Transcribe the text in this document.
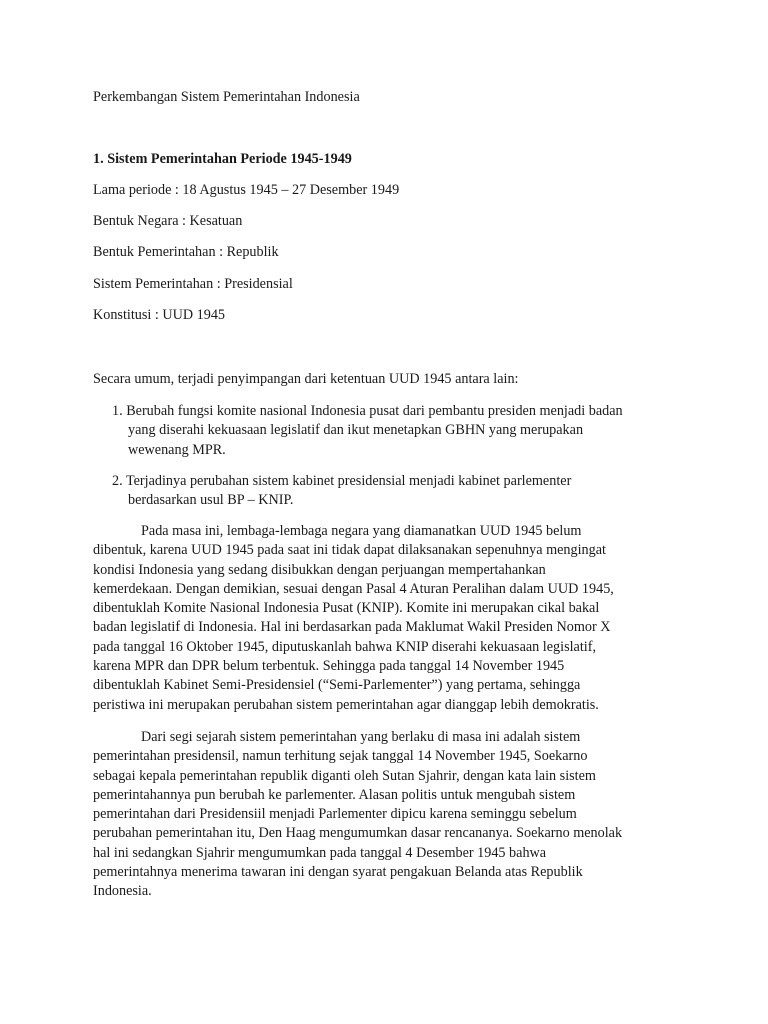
Perkembangan Sistem Pemerintahan Indonesia

1. Sistem Pemerintahan Periode 1945-1949

Lama periode : 18 Agustus 1945 – 27 Desember 1949

Bentuk Negara : Kesatuan

Bentuk Pemerintahan : Republik

Sistem Pemerintahan : Presidensial

Konstitusi : UUD 1945

Secara umum, terjadi penyimpangan dari ketentuan UUD 1945 antara lain:

1. Berubah fungsi komite nasional Indonesia pusat dari pembantu presiden menjadi badan
yang diserahi kekuasaan legislatif dan ikut menetapkan GBHN yang merupakan
wewenang MPR.
2. Terjadinya perubahan sistem kabinet presidensial menjadi kabinet parlementer
berdasarkan usul BP – KNIP.
Pada masa ini, lembaga-lembaga negara yang diamanatkan UUD 1945 belum
dibentuk, karena UUD 1945 pada saat ini tidak dapat dilaksanakan sepenuhnya mengingat
kondisi Indonesia yang sedang disibukkan dengan perjuangan mempertahankan
kemerdekaan. Dengan demikian, sesuai dengan Pasal 4 Aturan Peralihan dalam UUD 1945,
dibentuklah Komite Nasional Indonesia Pusat (KNIP). Komite ini merupakan cikal bakal
badan legislatif di Indonesia. Hal ini berdasarkan pada Maklumat Wakil Presiden Nomor X
pada tanggal 16 Oktober 1945, diputuskanlah bahwa KNIP diserahi kekuasaan legislatif,
karena MPR dan DPR belum terbentuk. Sehingga pada tanggal 14 November 1945
dibentuklah Kabinet Semi-Presidensiel (“Semi-Parlementer”) yang pertama, sehingga
peristiwa ini merupakan perubahan sistem pemerintahan agar dianggap lebih demokratis.
Dari segi sejarah sistem pemerintahan yang berlaku di masa ini adalah sistem
pemerintahan presidensil, namun terhitung sejak tanggal 14 November 1945, Soekarno
sebagai kepala pemerintahan republik diganti oleh Sutan Sjahrir, dengan kata lain sistem
pemerintahannya pun berubah ke parlementer. Alasan politis untuk mengubah sistem
pemerintahan dari Presidensiil menjadi Parlementer dipicu karena seminggu sebelum
perubahan pemerintahan itu, Den Haag mengumumkan dasar rencananya. Soekarno menolak
hal ini sedangkan Sjahrir mengumumkan pada tanggal 4 Desember 1945 bahwa
pemerintahnya menerima tawaran ini dengan syarat pengakuan Belanda atas Republik
Indonesia.
